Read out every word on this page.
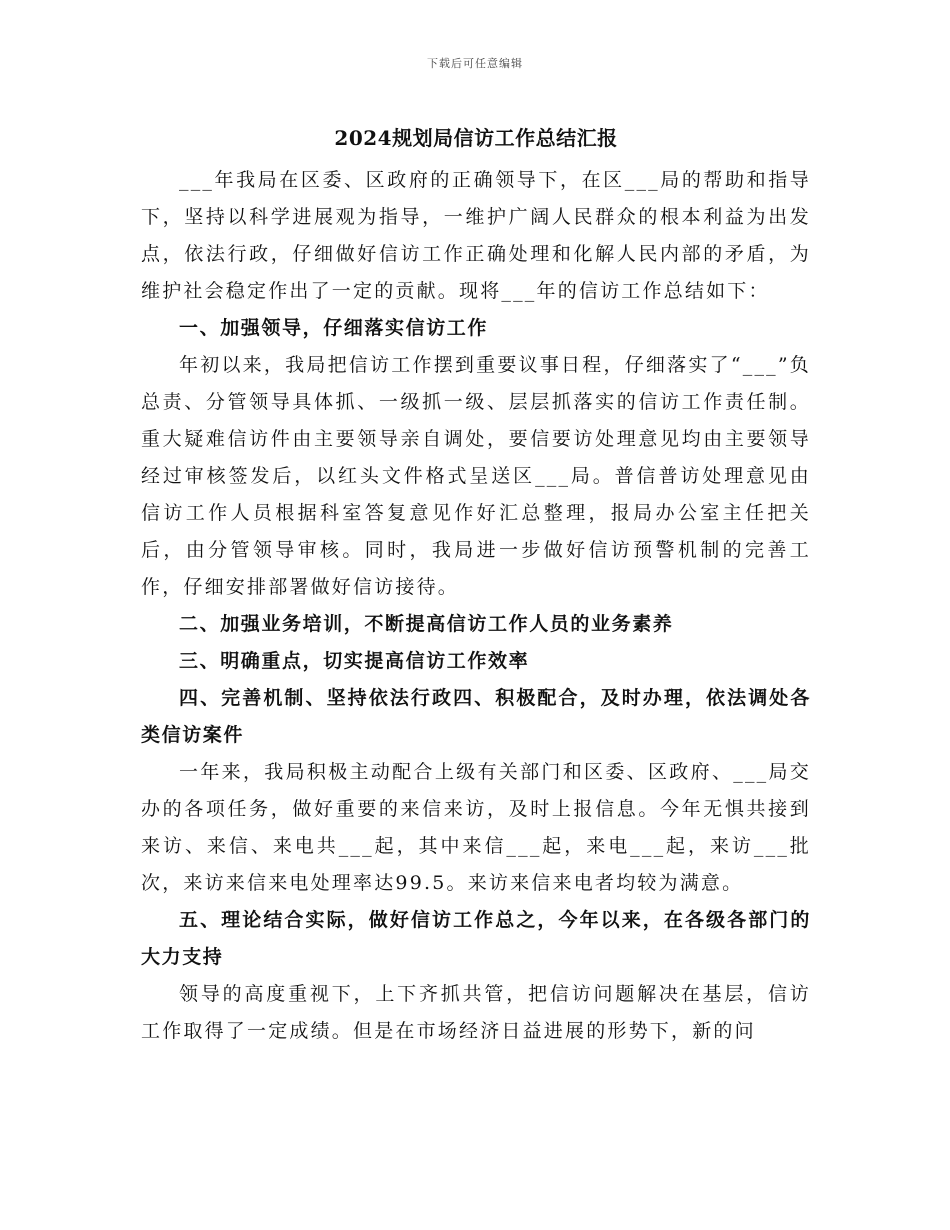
下载后可任意编辑
2024规划局信访工作总结汇报

___年我局在区委、区政府的正确领导下，在区___局的帮助和指导下，坚持以科学进展观为指导，一维护广阔人民群众的根本利益为出发点，依法行政，仔细做好信访工作正确处理和化解人民内部的矛盾，为维护社会稳定作出了一定的贡献。现将___年的信访工作总结如下：

一、加强领导，仔细落实信访工作

年初以来，我局把信访工作摆到重要议事日程，仔细落实了“___”负总责、分管领导具体抓、一级抓一级、层层抓落实的信访工作责任制。重大疑难信访件由主要领导亲自调处，要信要访处理意见均由主要领导经过审核签发后，以红头文件格式呈送区___局。普信普访处理意见由信访工作人员根据科室答复意见作好汇总整理，报局办公室主任把关后，由分管领导审核。同时，我局进一步做好信访预警机制的完善工作，仔细安排部署做好信访接待。

二、加强业务培训，不断提高信访工作人员的业务素养

三、明确重点，切实提高信访工作效率

四、完善机制、坚持依法行政四、积极配合，及时办理，依法调处各类信访案件

一年来，我局积极主动配合上级有关部门和区委、区政府、___局交办的各项任务，做好重要的来信来访，及时上报信息。今年无惧共接到来访、来信、来电共___起，其中来信___起，来电___起，来访___批次，来访来信来电处理率达99.5。来访来信来电者均较为满意。

五、理论结合实际，做好信访工作总之，今年以来，在各级各部门的大力支持

领导的高度重视下，上下齐抓共管，把信访问题解决在基层，信访工作取得了一定成绩。但是在市场经济日益进展的形势下，新的问
